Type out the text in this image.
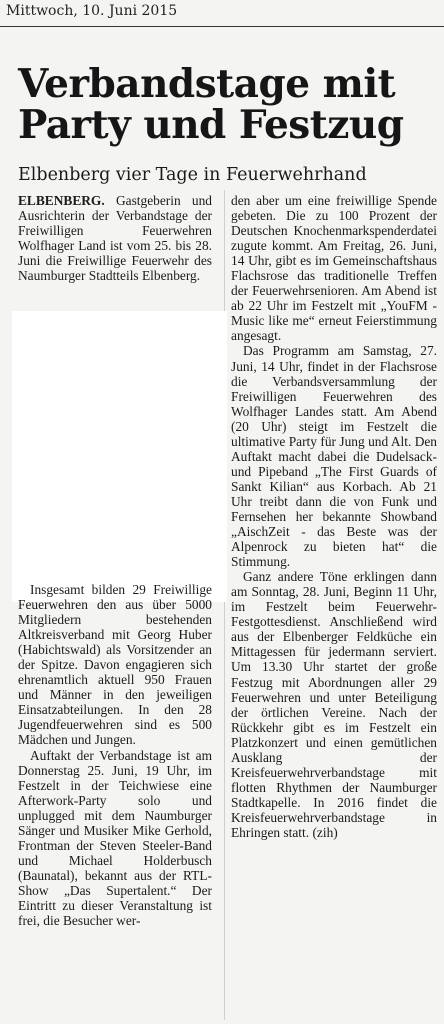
Mittwoch, 10. Juni 2015
Verbandstage mit
Party und Festzug
Elbenberg vier Tage in Feuerwehrhand

ELBENBERG. Gastgeberin und Ausrichterin der Verbandstage der Freiwilligen Feuerwehren Wolfhager Land ist vom 25. bis 28. Juni die Freiwillige Feuerwehr des Naumburger Stadtteils Elbenberg.

Insgesamt bilden 29 Freiwillige Feuerwehren den aus über 5000 Mitgliedern bestehenden Altkreisverband mit Georg Huber (Habichtswald) als Vorsitzender an der Spitze. Davon engagieren sich ehrenamtlich aktuell 950 Frauen und Männer in den jeweiligen Einsatzabteilungen. In den 28 Jugendfeuerwehren sind es 500 Mädchen und Jungen.

Auftakt der Verbandstage ist am Donnerstag 25. Juni, 19 Uhr, im Festzelt in der Teichwiese eine Afterwork-Party solo und unplugged mit dem Naumburger Sänger und Musiker Mike Gerhold, Frontman der Steven Steeler-Band und Michael Holderbusch (Baunatal), bekannt aus der RTL-Show „Das Supertalent.“ Der Eintritt zu dieser Veranstaltung ist frei, die Besucher wer-

den aber um eine freiwillige Spende gebeten. Die zu 100 Prozent der Deutschen Knochenmarkspenderdatei zugute kommt. Am Freitag, 26. Juni, 14 Uhr, gibt es im Gemeinschaftshaus Flachsrose das traditionelle Treffen der Feuerwehrsenioren. Am Abend ist ab 22 Uhr im Festzelt mit „YouFM - Music like me“ erneut Feierstimmung angesagt.

Das Programm am Samstag, 27. Juni, 14 Uhr, findet in der Flachsrose die Verbandsversammlung der Freiwilligen Feuerwehren des Wolfhager Landes statt. Am Abend (20 Uhr) steigt im Festzelt die ultimative Party für Jung und Alt. Den Auftakt macht dabei die Dudelsack- und Pipeband „The First Guards of Sankt Kilian“ aus Korbach. Ab 21 Uhr treibt dann die von Funk und Fernsehen her bekannte Showband „AischZeit - das Beste was der Alpenrock zu bieten hat“ die Stimmung.

Ganz andere Töne erklingen dann am Sonntag, 28. Juni, Beginn 11 Uhr, im Festzelt beim Feuerwehr-Festgottesdienst. Anschließend wird aus der Elbenberger Feldküche ein Mittagessen für jedermann serviert. Um 13.30 Uhr startet der große Festzug mit Abordnungen aller 29 Feuerwehren und unter Beteiligung der örtlichen Vereine. Nach der Rückkehr gibt es im Festzelt ein Platzkonzert und einen gemütlichen Ausklang der Kreisfeuerwehrverbandstage mit flotten Rhythmen der Naumburger Stadtkapelle. In 2016 findet die Kreisfeuerwehrverbandstage in Ehringen statt. (zih)
